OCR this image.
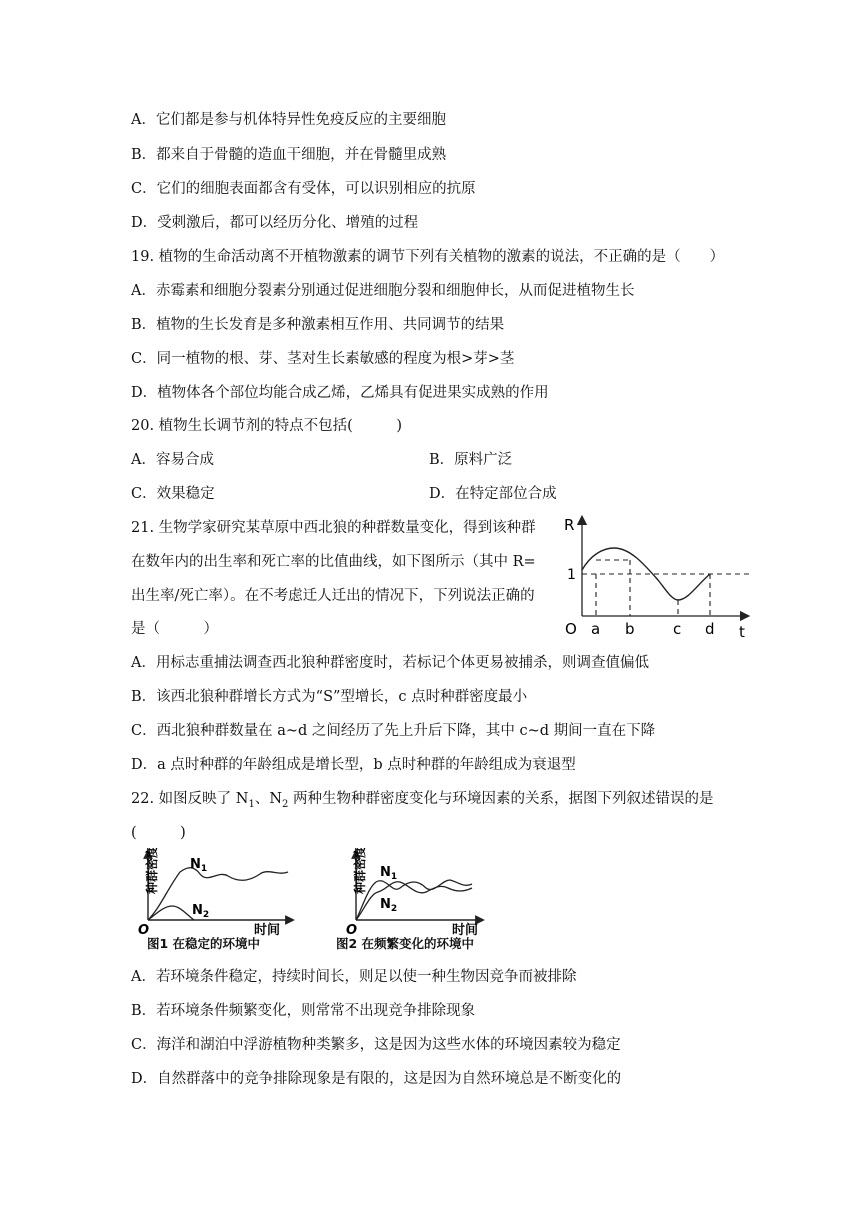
A．它们都是参与机体特异性免疫反应的主要细胞
B．都来自于骨髓的造血干细胞，并在骨髓里成熟
C．它们的细胞表面都含有受体，可以识别相应的抗原
D．受刺激后，都可以经历分化、增殖的过程
19. 植物的生命活动离不开植物激素的调节下列有关植物的激素的说法，不正确的是（　　）
A．赤霉素和细胞分裂素分别通过促进细胞分裂和细胞伸长，从而促进植物生长
B．植物的生长发育是多种激素相互作用、共同调节的结果
C．同一植物的根、芽、茎对生长素敏感的程度为根>芽>茎
D．植物体各个部位均能合成乙烯，乙烯具有促进果实成熟的作用
20. 植物生长调节剂的特点不包括(　　　)
A．容易合成	B．原料广泛
C．效果稳定	D．在特定部位合成
21. 生物学家研究某草原中西北狼的种群数量变化，得到该种群
在数年内的出生率和死亡率的比值曲线，如下图所示（其中 R=
出生率/死亡率）。在不考虑迁人迁出的情况下，下列说法正确的
是（　　　）
R
1
O a b	c d t
A．用标志重捕法调查西北狼种群密度时，若标记个体更易被捕杀，则调查值偏低
B．该西北狼种群增长方式为“S”型增长，c 点时种群密度最小
C．西北狼种群数量在 a~d 之间经历了先上升后下降，其中 c~d 期间一直在下降
D．a 点时种群的年龄组成是增长型，b 点时种群的年龄组成为衰退型
22. 如图反映了 $N_1$、$N_2$ 两种生物种群密度变化与环境因素的关系，据图下列叙述错误的是
(　　　)
种群密度 $N_1$
$N_2$
O	时间
图1 在稳定的环境中
种群密度 $N_1$
$N_2$
O	时间
图2 在频繁变化的环境中
A．若环境条件稳定，持续时间长，则足以使一种生物因竞争而被排除
B．若环境条件频繁变化，则常常不出现竞争排除现象
C．海洋和湖泊中浮游植物种类繁多，这是因为这些水体的环境因素较为稳定
D．自然群落中的竞争排除现象是有限的，这是因为自然环境总是不断变化的
